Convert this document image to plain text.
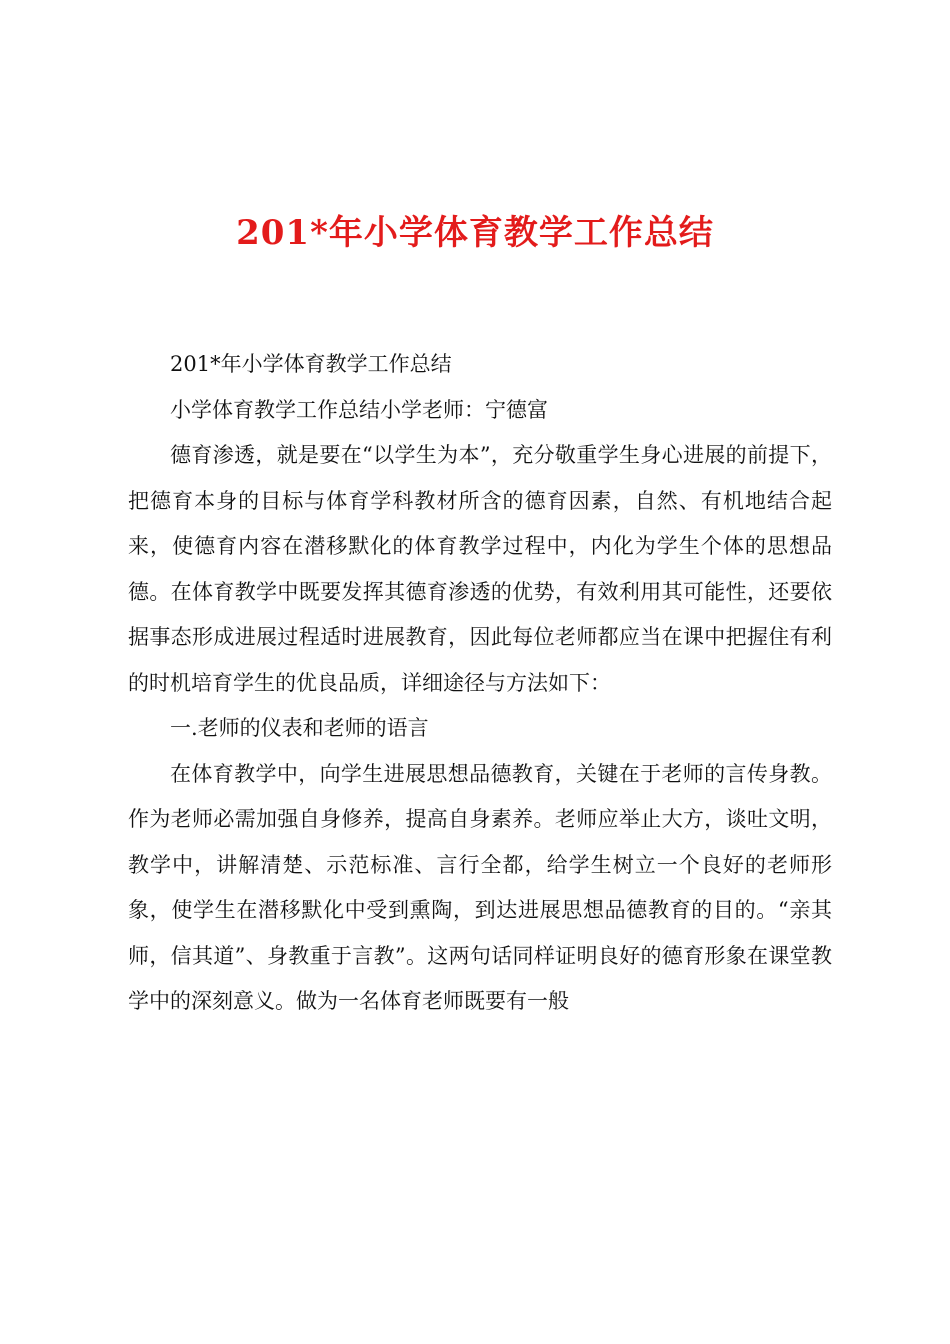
201*年小学体育教学工作总结

201*年小学体育教学工作总结

小学体育教学工作总结小学老师：宁德富

德育渗透，就是要在“以学生为本”，充分敬重学生身心进展的前提下，把德育本身的目标与体育学科教材所含的德育因素，自然、有机地结合起来，使德育内容在潜移默化的体育教学过程中，内化为学生个体的思想品德。在体育教学中既要发挥其德育渗透的优势，有效利用其可能性，还要依据事态形成进展过程适时进展教育，因此每位老师都应当在课中把握住有利的时机培育学生的优良品质，详细途径与方法如下：

一.老师的仪表和老师的语言

在体育教学中，向学生进展思想品德教育，关键在于老师的言传身教。作为老师必需加强自身修养，提高自身素养。老师应举止大方，谈吐文明，教学中，讲解清楚、示范标准、言行全都，给学生树立一个良好的老师形象，使学生在潜移默化中受到熏陶，到达进展思想品德教育的目的。“亲其师，信其道”、身教重于言教”。这两句话同样证明良好的德育形象在课堂教学中的深刻意义。做为一名体育老师既要有一般
